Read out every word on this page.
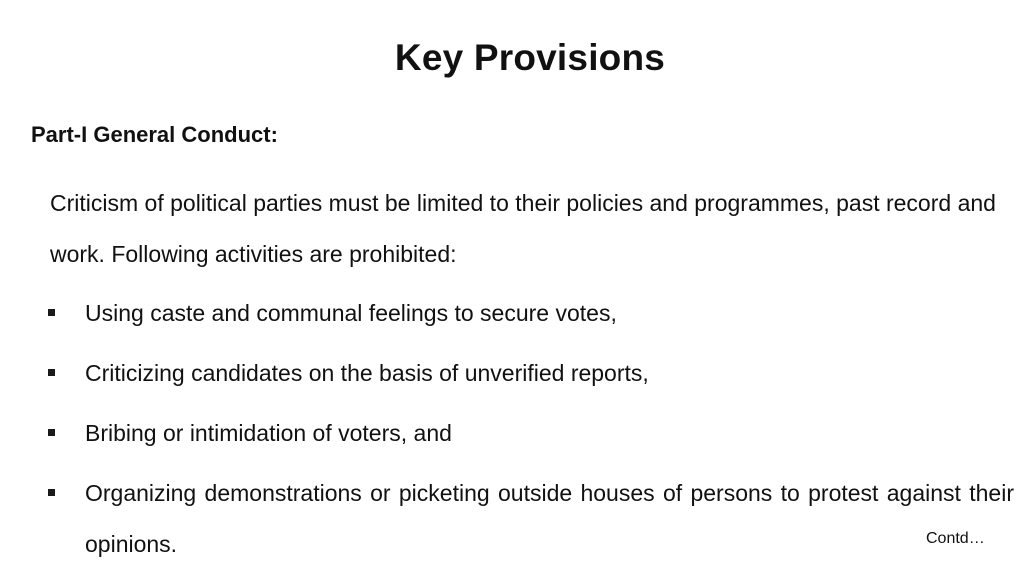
Key Provisions
Part-I General Conduct:
Criticism of political parties must be limited to their policies and programmes, past record and work. Following activities are prohibited:
Using caste and communal feelings to secure votes,
Criticizing candidates on the basis of unverified reports,
Bribing or intimidation of voters, and
Organizing demonstrations or picketing outside houses of persons to protest against their opinions.	Contd…
